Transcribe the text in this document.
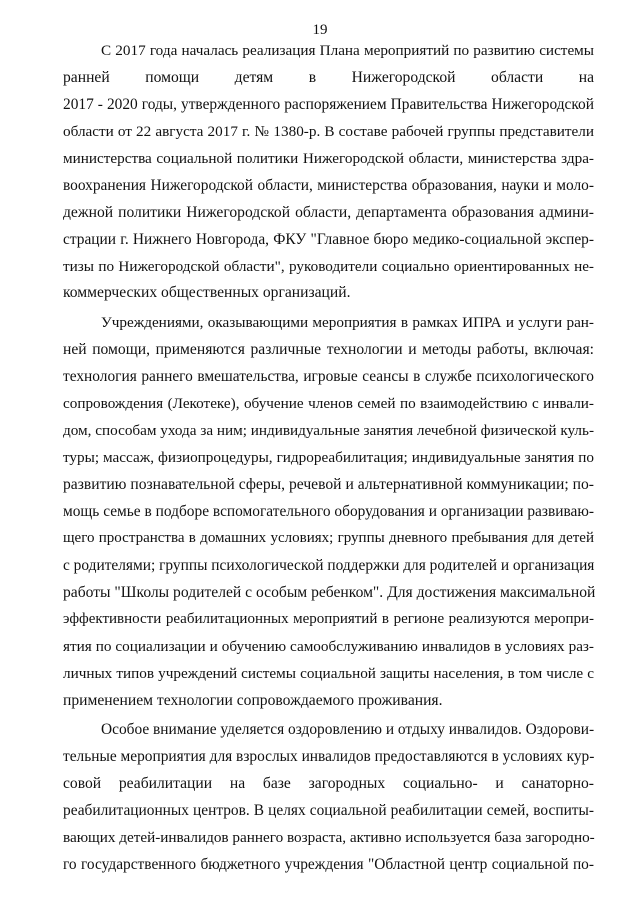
19
С 2017 года началась реализация Плана мероприятий по развитию системы
ранней помощи детям в Нижегородской области на
2017 - 2020 годы, утвержденного распоряжением Правительства Нижегородской
области от 22 августа 2017 г. № 1380-р. В составе рабочей группы представители
министерства социальной политики Нижегородской области, министерства здра-
воохранения Нижегородской области, министерства образования, науки и моло-
дежной политики Нижегородской области, департамента образования админи-
страции г. Нижнего Новгорода, ФКУ "Главное бюро медико-социальной экспер-
тизы по Нижегородской области", руководители социально ориентированных не-
коммерческих общественных организаций.
Учреждениями, оказывающими мероприятия в рамках ИПРА и услуги ран-
ней помощи, применяются различные технологии и методы работы, включая:
технология раннего вмешательства, игровые сеансы в службе психологического
сопровождения (Лекотеке), обучение членов семей по взаимодействию с инвали-
дом, способам ухода за ним; индивидуальные занятия лечебной физической куль-
туры; массаж, физиопроцедуры, гидрореабилитация; индивидуальные занятия по
развитию познавательной сферы, речевой и альтернативной коммуникации; по-
мощь семье в подборе вспомогательного оборудования и организации развиваю-
щего пространства в домашних условиях; группы дневного пребывания для детей
с родителями; группы психологической поддержки для родителей и организация
работы "Школы родителей с особым ребенком". Для достижения максимальной
эффективности реабилитационных мероприятий в регионе реализуются меропри-
ятия по социализации и обучению самообслуживанию инвалидов в условиях раз-
личных типов учреждений системы социальной защиты населения, в том числе с
применением технологии сопровождаемого проживания.
Особое внимание уделяется оздоровлению и отдыху инвалидов. Оздорови-
тельные мероприятия для взрослых инвалидов предоставляются в условиях кур-
совой реабилитации на базе загородных социально- и санаторно-
реабилитационных центров. В целях социальной реабилитации семей, воспиты-
вающих детей-инвалидов раннего возраста, активно используется база загородно-
го государственного бюджетного учреждения "Областной центр социальной по-
